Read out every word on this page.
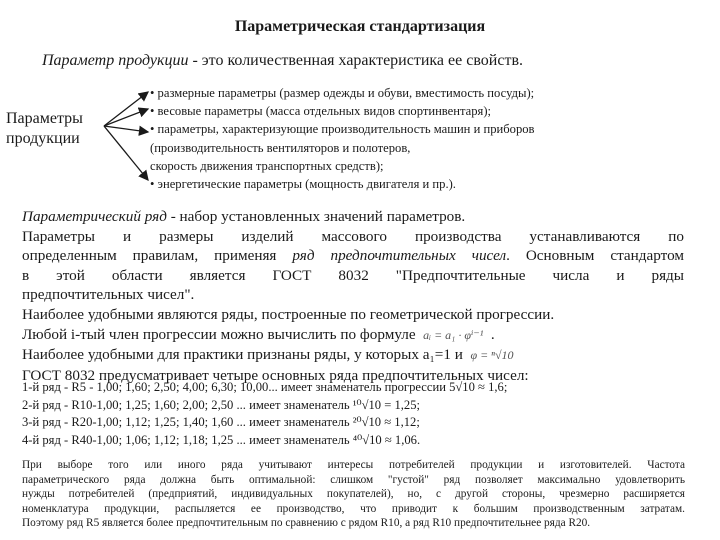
Параметрическая стандартизация
Параметр продукции - это количественная характеристика ее свойств.
Параметры
продукции
• размерные параметры (размер одежды и обуви, вместимость посуды);
• весовые параметры (масса отдельных видов спортинвентаря);
• параметры, характеризующие производительность машин и приборов
(производительность вентиляторов и полотеров,
скорость движения транспортных средств);
• энергетические параметры (мощность двигателя и пр.).

Параметрический ряд - набор установленных значений параметров.

Параметры и размеры изделий массового производства устанавливаются по

определенным правилам, применяя ряд предпочтительных чисел. Основным стандартом

в этой области является ГОСТ 8032 "Предпочтительные числа и ряды

предпочтительных чисел".

Наиболее удобными являются ряды, построенные по геометрической прогрессии.

Любой i-тый член прогрессии можно вычислить по формуле aᵢ = a₁ · φⁱ⁻¹ .

Наиболее удобными для практики признаны ряды, у которых a₁=1 и φ = ⁿ√10

ГОСТ 8032 предусматривает четыре основных ряда предпочтительных чисел:

1-й ряд - R5 - 1,00; 1,60; 2,50; 4,00; 6,30; 10,00... имеет знаменатель прогрессии 5√10 ≈ 1,6;
2-й ряд - R10-1,00; 1,25; 1,60; 2,00; 2,50 ... имеет знаменатель ¹⁰√10 = 1,25;
3-й ряд - R20-1,00; 1,12; 1,25; 1,40; 1,60 ... имеет знаменатель ²⁰√10 ≈ 1,12;
4-й ряд - R40-1,00; 1,06; 1,12; 1,18; 1,25 ... имеет знаменатель ⁴⁰√10 ≈ 1,06.

При выборе того или иного ряда учитывают интересы потребителей продукции и изготовителей. Частота

параметрического ряда должна быть оптимальной: слишком "густой" ряд позволяет максимально удовлетворить

нужды потребителей (предприятий, индивидуальных покупателей), но, с другой стороны, чрезмерно расширяется

номенклатура продукции, распыляется ее производство, что приводит к большим производственным затратам.

Поэтому ряд R5 является более предпочтительным по сравнению с рядом R10, а ряд R10 предпочтительнее ряда R20.
